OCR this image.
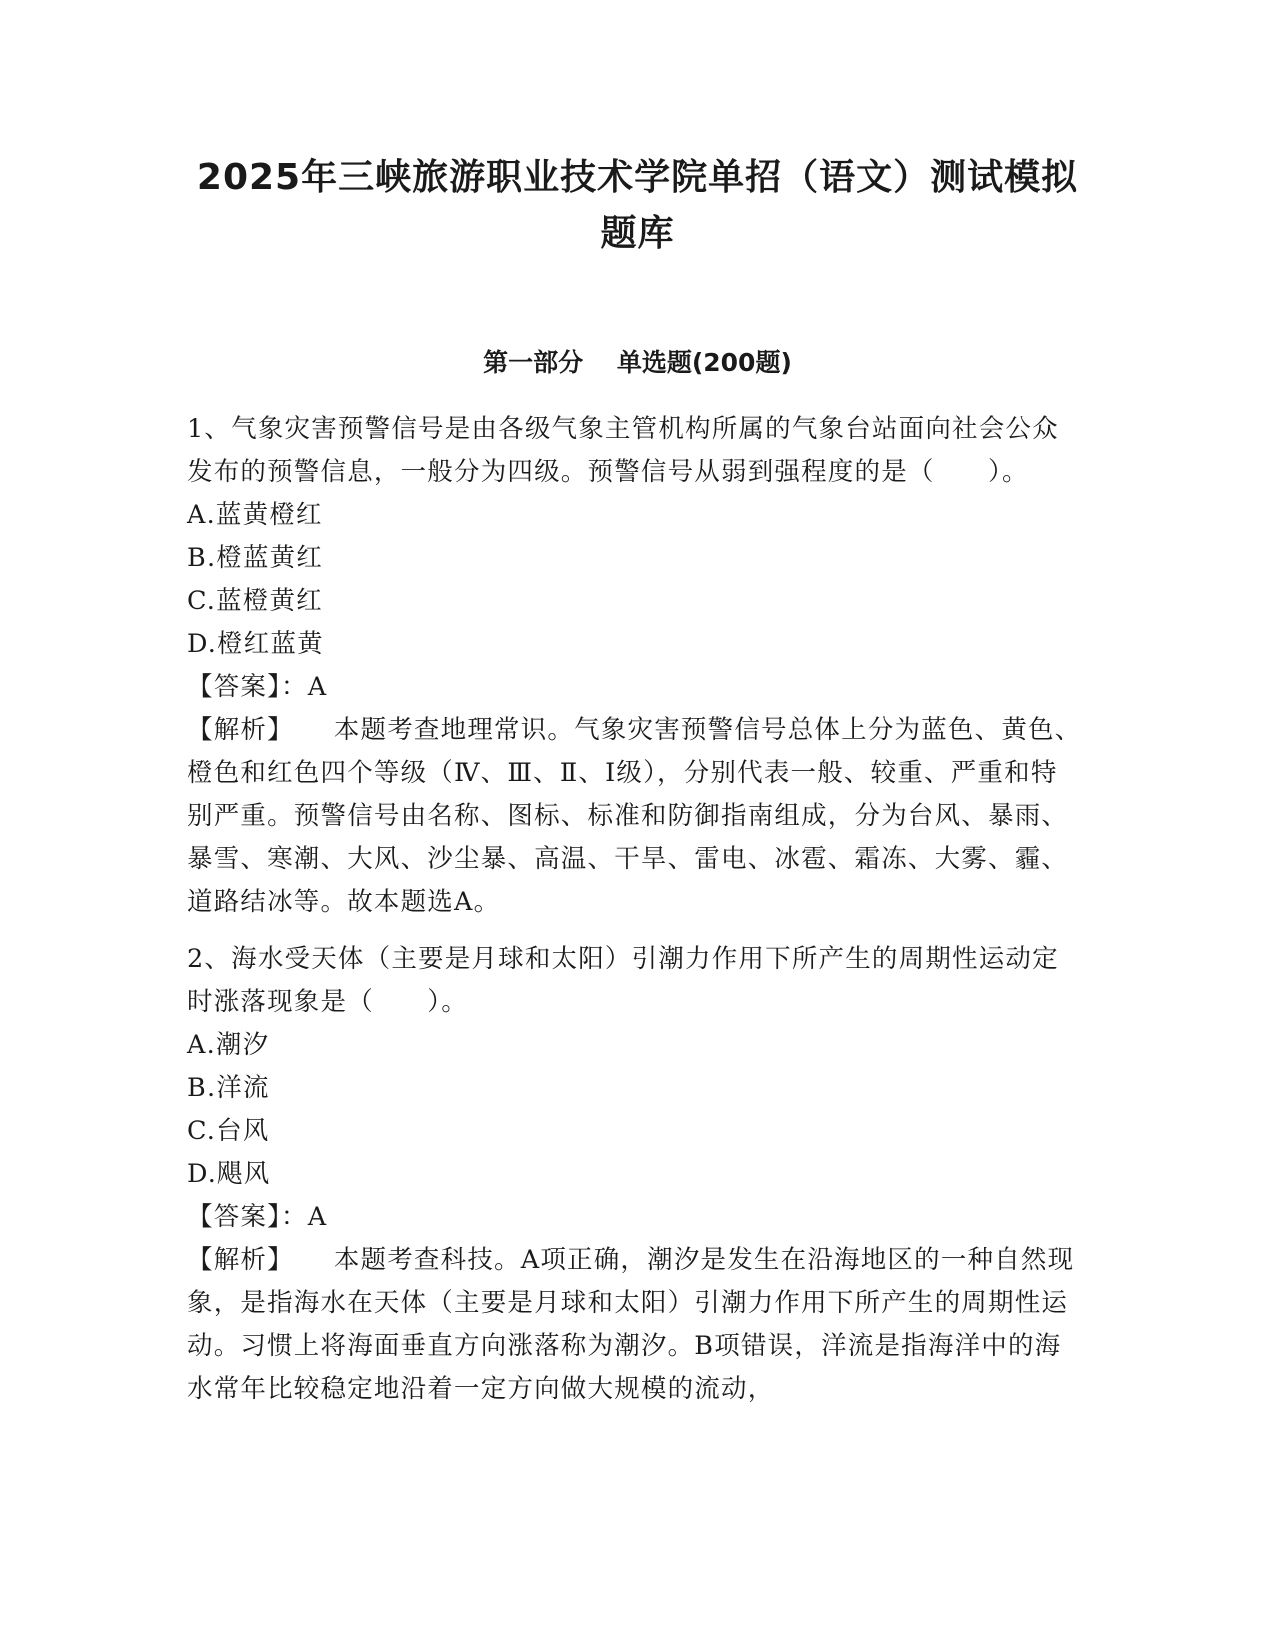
2025年三峡旅游职业技术学院单招（语文）测试模拟
题库
第一部分　 单选题(200题)

1、气象灾害预警信号是由各级气象主管机构所属的气象台站面向社会公众发布的预警信息，一般分为四级。预警信号从弱到强程度的是（　　）。

A.蓝黄橙红

B.橙蓝黄红

C.蓝橙黄红

D.橙红蓝黄

【答案】：A

【解析】 本题考查地理常识。气象灾害预警信号总体上分为蓝色、黄色、橙色和红色四个等级（Ⅳ、Ⅲ、Ⅱ、Ⅰ级），分别代表一般、较重、严重和特别严重。预警信号由名称、图标、标准和防御指南组成，分为台风、暴雨、暴雪、寒潮、大风、沙尘暴、高温、干旱、雷电、冰雹、霜冻、大雾、霾、道路结冰等。故本题选A。

2、海水受天体（主要是月球和太阳）引潮力作用下所产生的周期性运动定时涨落现象是（　　）。

A.潮汐

B.洋流

C.台风

D.飓风

【答案】：A

【解析】 本题考查科技。A项正确，潮汐是发生在沿海地区的一种自然现象，是指海水在天体（主要是月球和太阳）引潮力作用下所产生的周期性运动。习惯上将海面垂直方向涨落称为潮汐。B项错误，洋流是指海洋中的海水常年比较稳定地沿着一定方向做大规模的流动，
